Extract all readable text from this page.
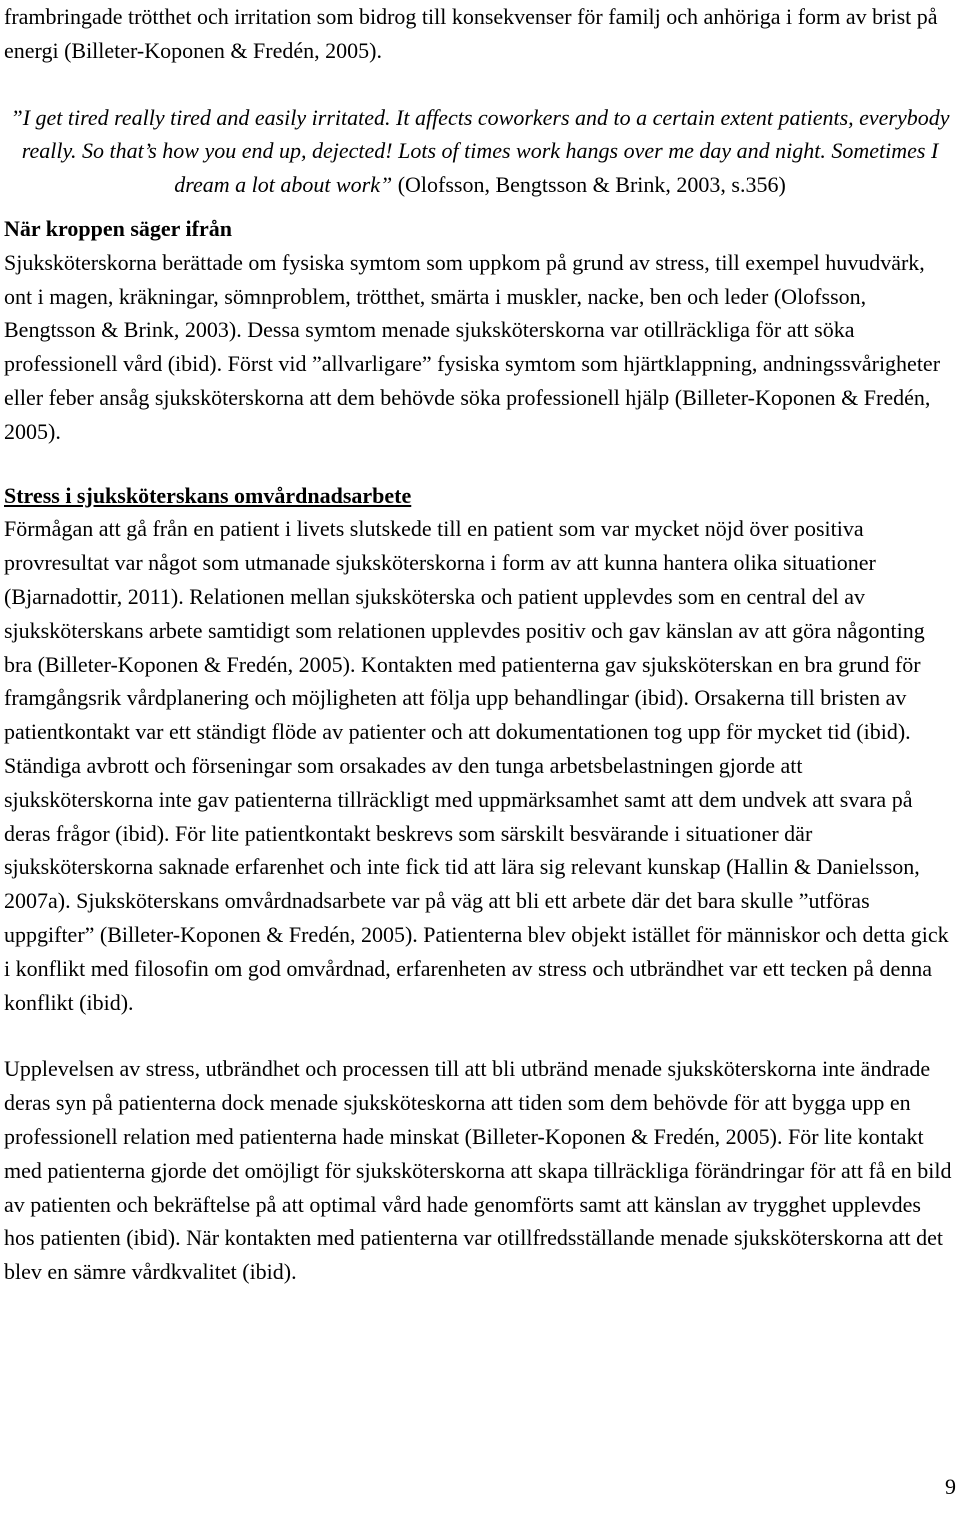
frambringade trötthet och irritation som bidrog till konsekvenser för familj och anhöriga i form av brist på energi (Billeter-Koponen & Fredén, 2005).

”I get tired really tired and easily irritated. It affects coworkers and to a certain extent patients, everybody really. So that’s how you end up, dejected! Lots of times work hangs over me day and night. Sometimes I dream a lot about work” (Olofsson, Bengtsson & Brink, 2003, s.356)

När kroppen säger ifrån

Sjuksköterskorna berättade om fysiska symtom som uppkom på grund av stress, till exempel huvudvärk, ont i magen, kräkningar, sömnproblem, trötthet, smärta i muskler, nacke, ben och leder (Olofsson, Bengtsson & Brink, 2003). Dessa symtom menade sjuksköterskorna var otillräckliga för att söka professionell vård (ibid). Först vid ”allvarligare” fysiska symtom som hjärtklappning, andningssvårigheter eller feber ansåg sjuksköterskorna att dem behövde söka professionell hjälp (Billeter-Koponen & Fredén, 2005).

Stress i sjuksköterskans omvårdnadsarbete

Förmågan att gå från en patient i livets slutskede till en patient som var mycket nöjd över positiva provresultat var något som utmanade sjuksköterskorna i form av att kunna hantera olika situationer (Bjarnadottir, 2011). Relationen mellan sjuksköterska och patient upplevdes som en central del av sjuksköterskans arbete samtidigt som relationen upplevdes positiv och gav känslan av att göra någonting bra (Billeter-Koponen & Fredén, 2005). Kontakten med patienterna gav sjuksköterskan en bra grund för framgångsrik vårdplanering och möjligheten att följa upp behandlingar (ibid). Orsakerna till bristen av patientkontakt var ett ständigt flöde av patienter och att dokumentationen tog upp för mycket tid (ibid). Ständiga avbrott och förseningar som orsakades av den tunga arbetsbelastningen gjorde att sjuksköterskorna inte gav patienterna tillräckligt med uppmärksamhet samt att dem undvek att svara på deras frågor (ibid). För lite patientkontakt beskrevs som särskilt besvärande i situationer där sjuksköterskorna saknade erfarenhet och inte fick tid att lära sig relevant kunskap (Hallin & Danielsson, 2007a). Sjuksköterskans omvårdnadsarbete var på väg att bli ett arbete där det bara skulle ”utföras uppgifter” (Billeter-Koponen & Fredén, 2005). Patienterna blev objekt istället för människor och detta gick i konflikt med filosofin om god omvårdnad, erfarenheten av stress och utbrändhet var ett tecken på denna konflikt (ibid).

Upplevelsen av stress, utbrändhet och processen till att bli utbränd menade sjuksköterskorna inte ändrade deras syn på patienterna dock menade sjuksköteskorna att tiden som dem behövde för att bygga upp en professionell relation med patienterna hade minskat (Billeter-Koponen & Fredén, 2005). För lite kontakt med patienterna gjorde det omöjligt för sjuksköterskorna att skapa tillräckliga förändringar för att få en bild av patienten och bekräftelse på att optimal vård hade genomförts samt att känslan av trygghet upplevdes hos patienten (ibid). När kontakten med patienterna var otillfredsställande menade sjuksköterskorna att det blev en sämre vårdkvalitet (ibid).

9
